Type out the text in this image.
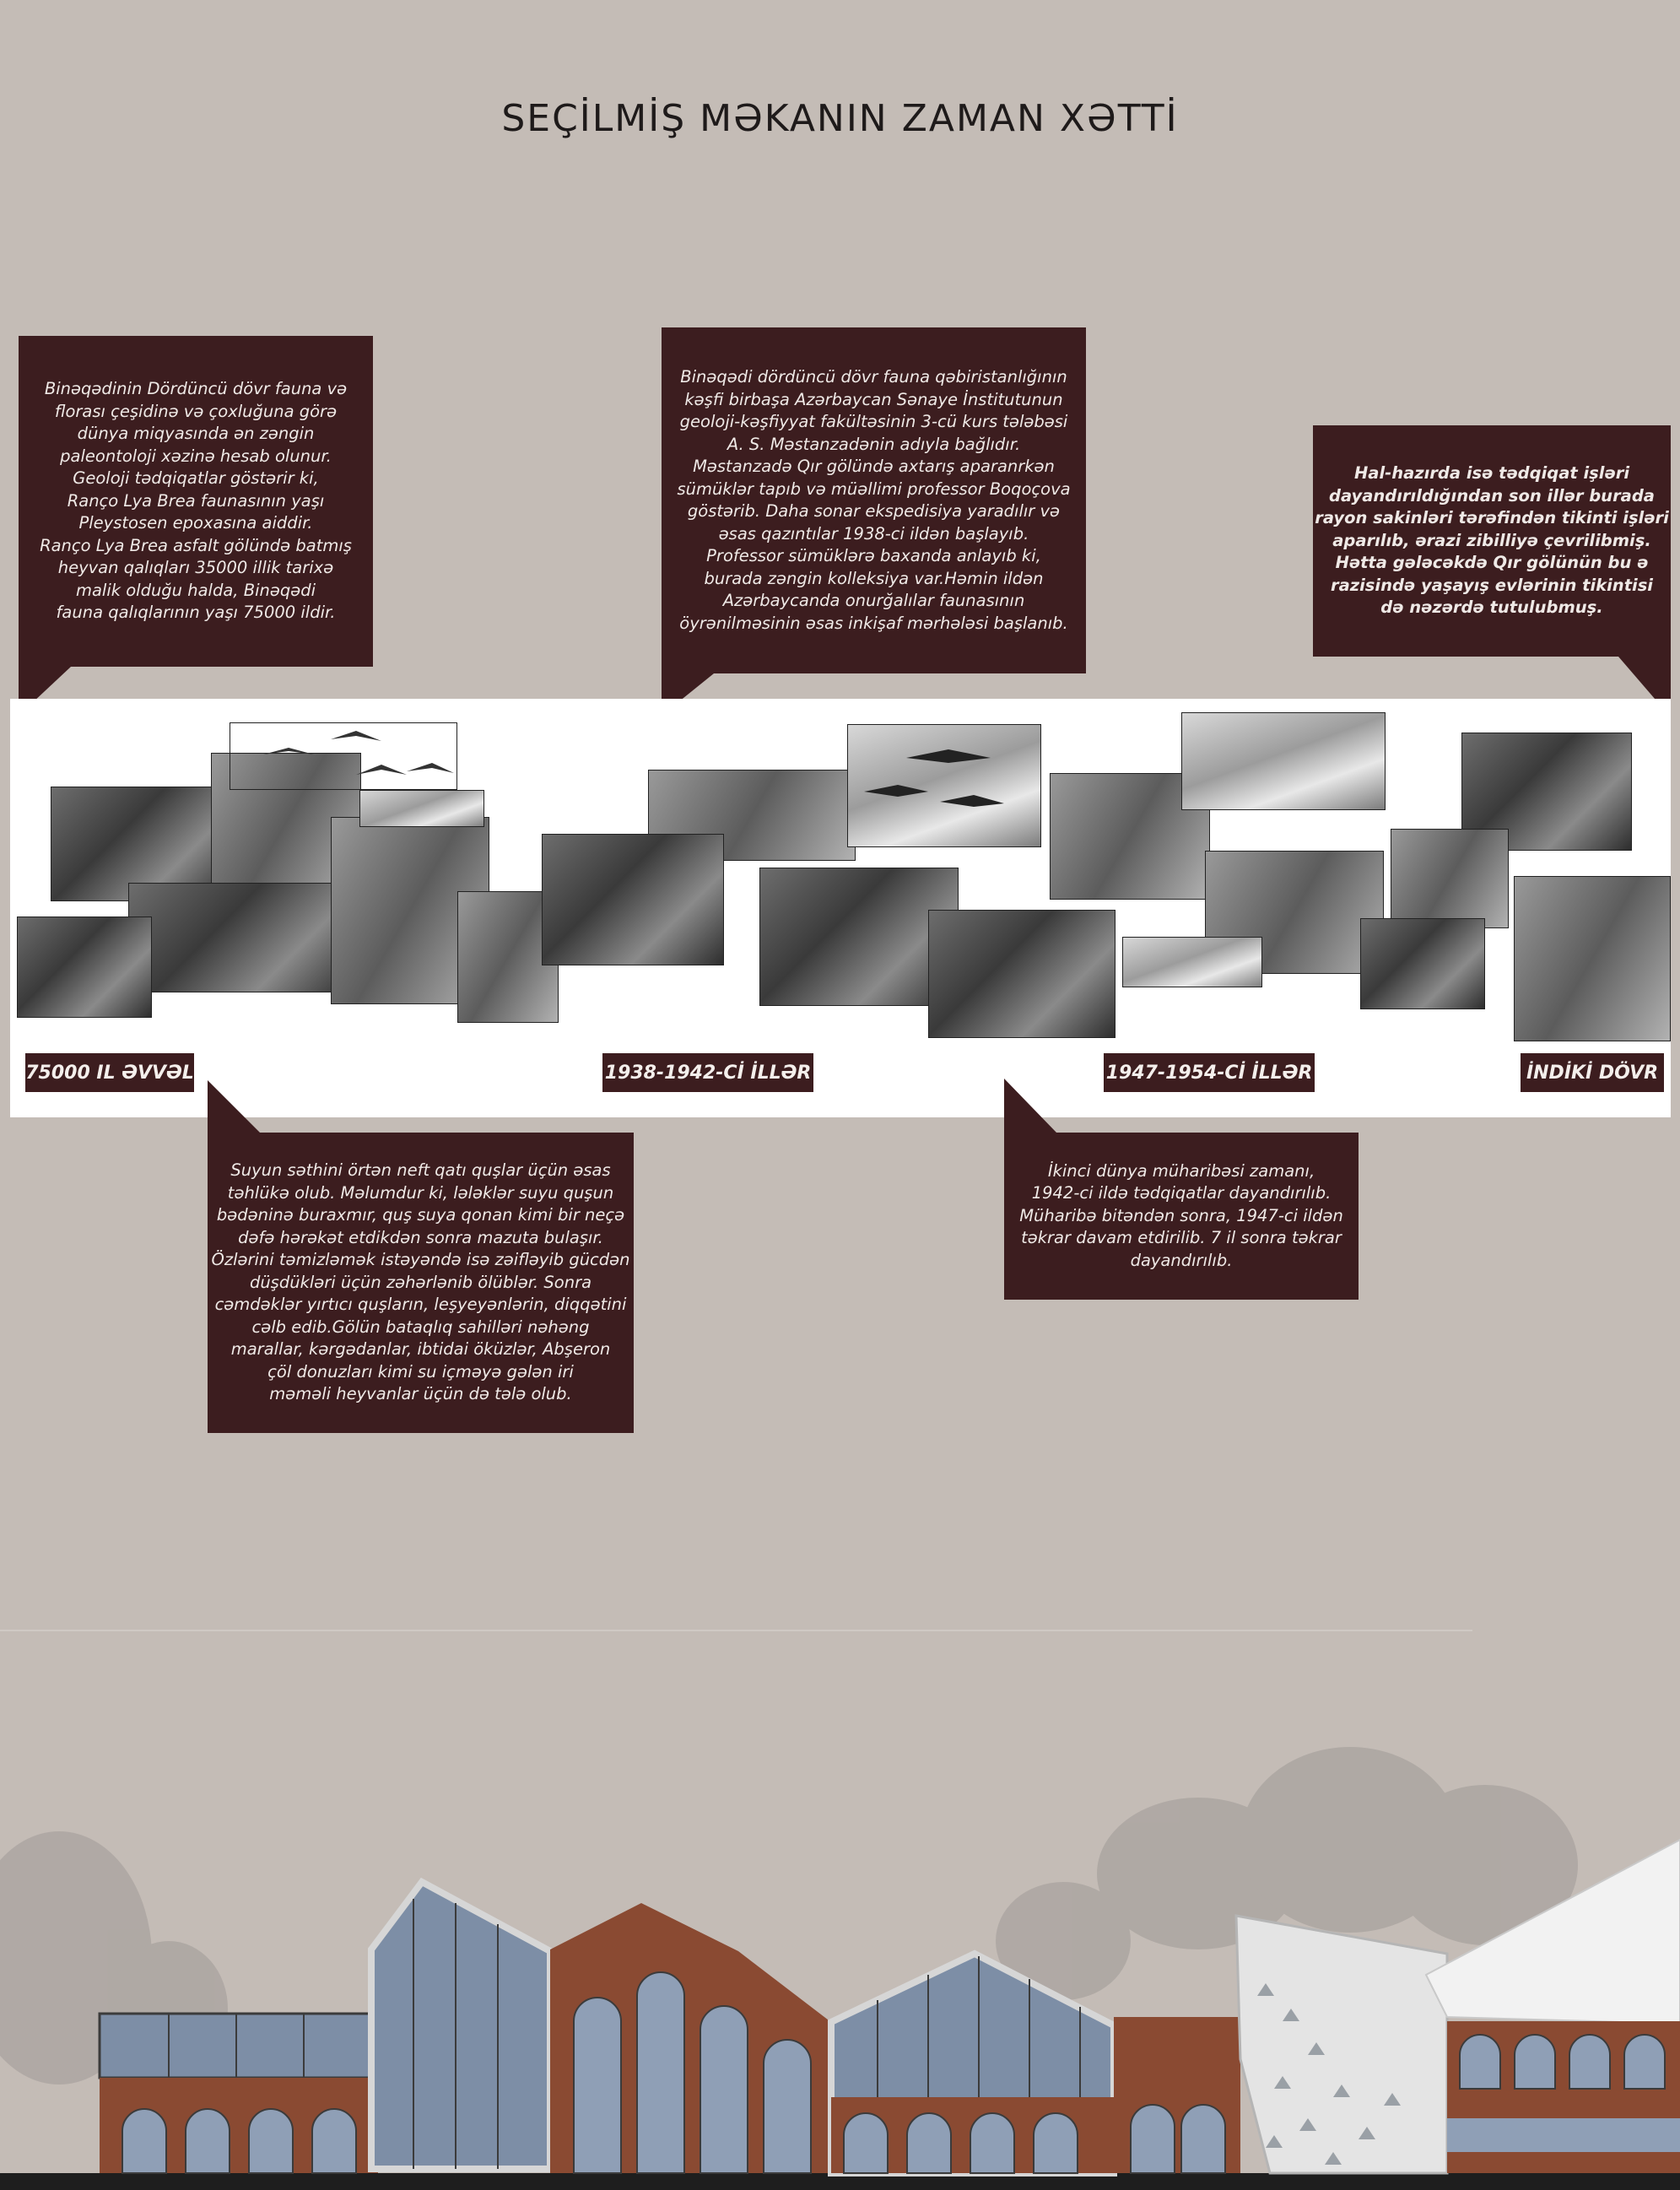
SEÇİLMİŞ MƏKANIN ZAMAN XƏTTİ
Binəqədinin Dördüncü dövr fauna və
florası çeşidinə və çoxluğuna görə
dünya miqyasında ən zəngin
paleontoloji xəzinə hesab olunur.
Geoloji tədqiqatlar göstərir ki,
Ranço Lya Brea faunasının yaşı
Pleystosen epoxasına aiddir.
Ranço Lya Brea asfalt gölündə batmış
heyvan qalıqları 35000 illik tarixə
malik olduğu halda, Binəqədi
fauna qalıqlarının yaşı 75000 ildir.
Binəqədi dördüncü dövr fauna qəbiristanlığının
kəşfi birbaşa Azərbaycan Sənaye İnstitutunun
geoloji-kəşfiyyat fakültəsinin 3-cü kurs tələbəsi
A. S. Məstanzadənin adıyla bağlıdır.
Məstanzadə Qır gölündə axtarış aparanrkən
sümüklər tapıb və müəllimi professor Boqoçova
göstərib. Daha sonar ekspedisiya yaradılır və
əsas qazıntılar 1938-ci ildən başlayıb.
Professor sümüklərə baxanda anlayıb ki,
burada zəngin kolleksiya var.Həmin ildən
Azərbaycanda onurğalılar faunasının
öyrənilməsinin əsas inkişaf mərhələsi başlanıb.
Hal-hazırda isə tədqiqat işləri
dayandırıldığından son illər burada
rayon sakinləri tərəfindən tikinti işləri
aparılıb, ərazi zibilliyə çevrilibmiş.
Hətta gələcəkdə Qır gölünün bu ə
razisində yaşayış evlərinin tikintisi
də nəzərdə tutulubmuş.
75000 IL ƏVVƏL	1938-1942-Cİ İLLƏR	1947-1954-Cİ İLLƏR	İNDİKİ DÖVR
Suyun səthini örtən neft qatı quşlar üçün əsas
təhlükə olub. Məlumdur ki, lələklər suyu quşun
bədəninə buraxmır, quş suya qonan kimi bir neçə
dəfə hərəkət etdikdən sonra mazuta bulaşır.
Özlərini təmizləmək istəyəndə isə zəifləyib gücdən
düşdükləri üçün zəhərlənib ölüblər. Sonra
cəmdəklər yırtıcı quşların, leşyeyənlərin, diqqətini
cəlb edib.Gölün bataqlıq sahilləri nəhəng
marallar, kərgədanlar, ibtidai öküzlər, Abşeron
çöl donuzları kimi su içməyə gələn iri
məməli heyvanlar üçün də tələ olub.
İkinci dünya müharibəsi zamanı,
1942-ci ildə tədqiqatlar dayandırılıb.
Müharibə bitəndən sonra, 1947-ci ildən
təkrar davam etdirilib. 7 il sonra təkrar
dayandırılıb.
